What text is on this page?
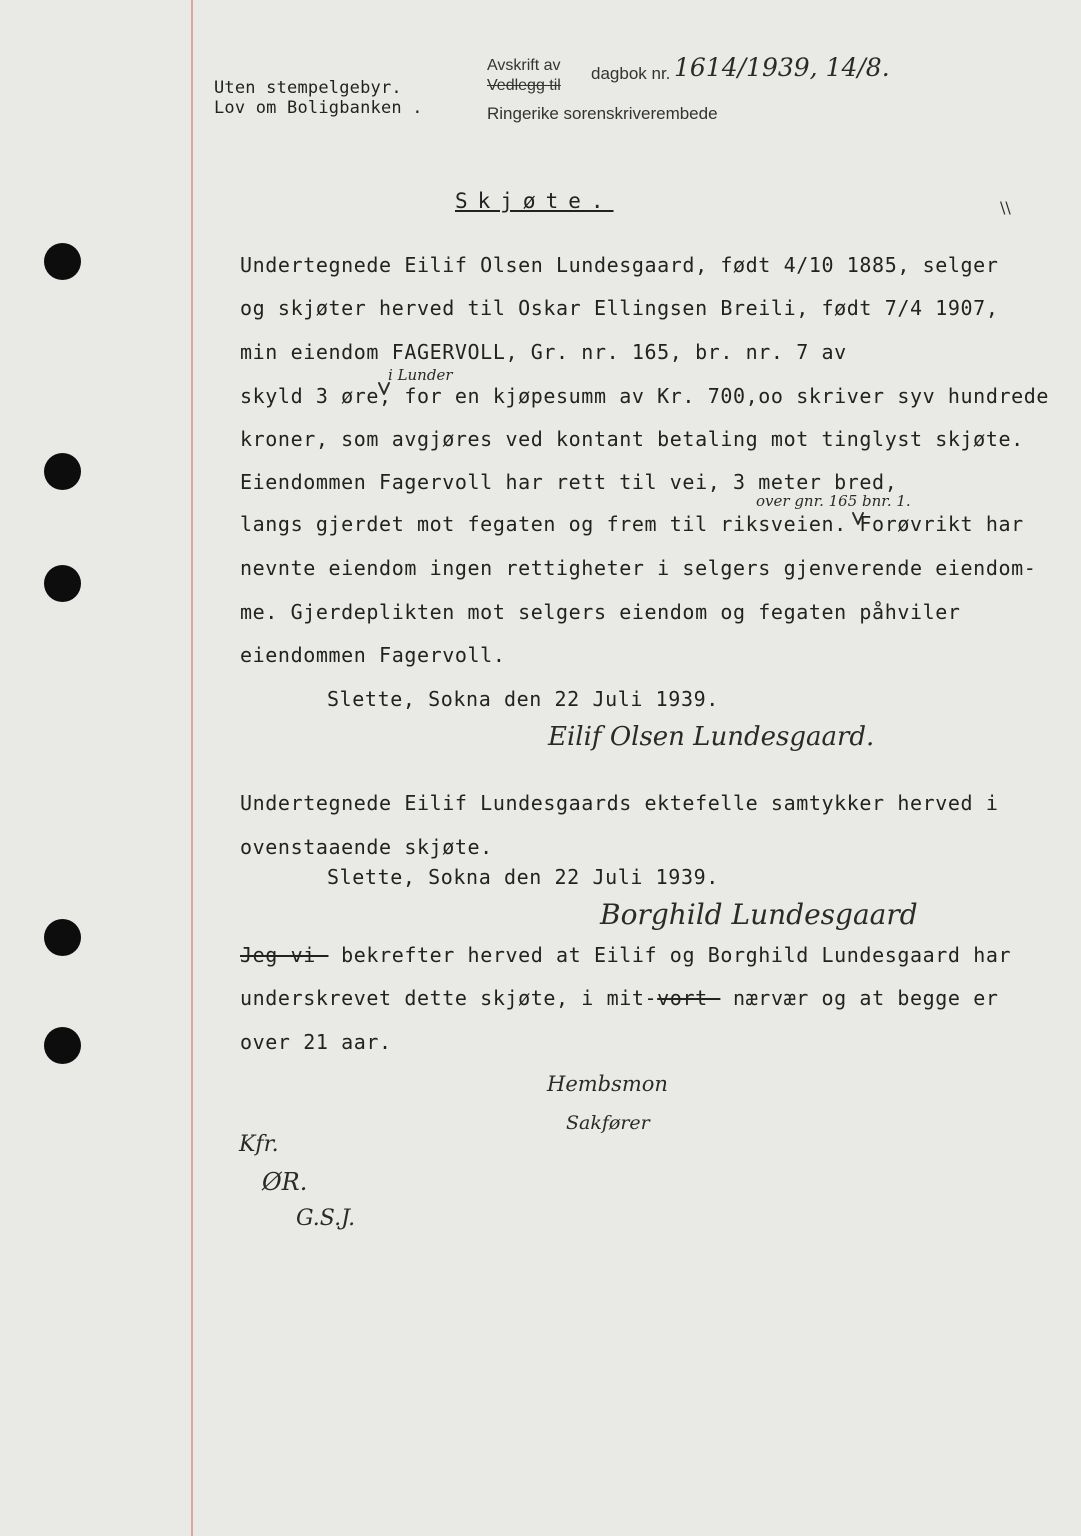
Uten stempelgebyr.
Lov om Boligbanken .
Avskrift av
Vedlegg til
dagbok nr. 1614/1939, 14/8.
Ringerike sorenskriverembede
\\
Skjøte.
Undertegnede Eilif Olsen Lundesgaard, født 4/10 1885, selger
og skjøter herved til Oskar Ellingsen Breili, født 7/4 1907,
min eiendom FAGERVOLL, Gr. nr. 165, br. nr. 7 av
i Lunder
skyld 3 øre, for en kjøpesumm av Kr. 700,oo skriver syv hundrede
kroner, som avgjøres ved kontant betaling mot tinglyst skjøte.
Eiendommen Fagervoll har rett til vei, 3 meter bred,
over gnr. 165 bnr. 1.
langs gjerdet mot fegaten og frem til riksveien. Forøvrikt har
nevnte eiendom ingen rettigheter i selgers gjenverende eiendom-
me. Gjerdeplikten mot selgers eiendom og fegaten påhviler
eiendommen Fagervoll.
Slette, Sokna den 22 Juli 1939.
Eilif Olsen Lundesgaard.
Undertegnede Eilif Lundesgaards ektefelle samtykker herved i
ovenstaaende skjøte.
Slette, Sokna den 22 Juli 1939.
Borghild Lundesgaard
Jeg-vi- bekrefter herved at Eilif og Borghild Lundesgaard har
underskrevet dette skjøte, i mit-vort- nærvær og at begge er
over 21 aar.
Hembsmon
Sakfører
Kfr.
ØR.
G.S.J.
